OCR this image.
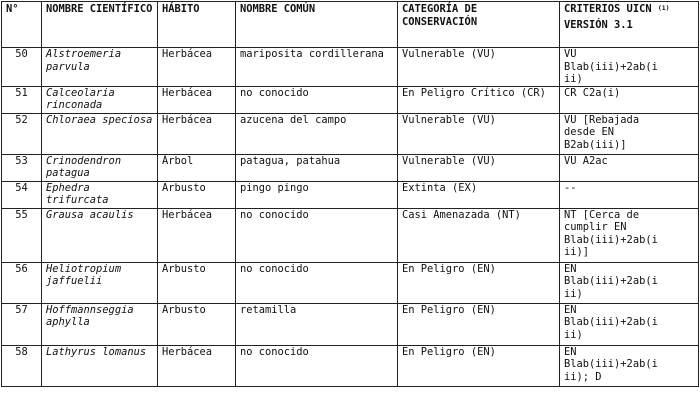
N°	NOMBRE CIENTÍFICO	HÁBITO	NOMBRE COMÚN	CATEGORÍA DE CONSERVACIÓN	CRITERIOS UICN $^{(1)}$
VERSIÓN 3.1

50	Alstroemeria parvula	Herbácea	mariposita cordillerana	Vulnerable (VU)	VU
Blab(iii)+2ab(i
ii)
51	Calceolaria rinconada	Herbácea	no conocido	En Peligro Crítico (CR)	CR C2a(i)
52	Chloraea speciosa	Herbácea	azucena del campo	Vulnerable (VU)	VU [Rebajada
desde EN
B2ab(iii)]
53	Crinodendron patagua	Árbol	patagua, patahua	Vulnerable (VU)	VU A2ac
54	Ephedra trifurcata	Arbusto	pingo pingo	Extinta (EX)	--
55	Grausa acaulis	Herbácea	no conocido	Casi Amenazada (NT)	NT [Cerca de
cumplir EN
Blab(iii)+2ab(i
ii)]
56	Heliotropium jaffuelii	Arbusto	no conocido	En Peligro (EN)	EN
Blab(iii)+2ab(i
ii)
57	Hoffmannseggia aphylla	Arbusto	retamilla	En Peligro (EN)	EN
Blab(iii)+2ab(i
ii)
58	Lathyrus lomanus	Herbácea	no conocido	En Peligro (EN)	EN
Blab(iii)+2ab(i
ii); D
